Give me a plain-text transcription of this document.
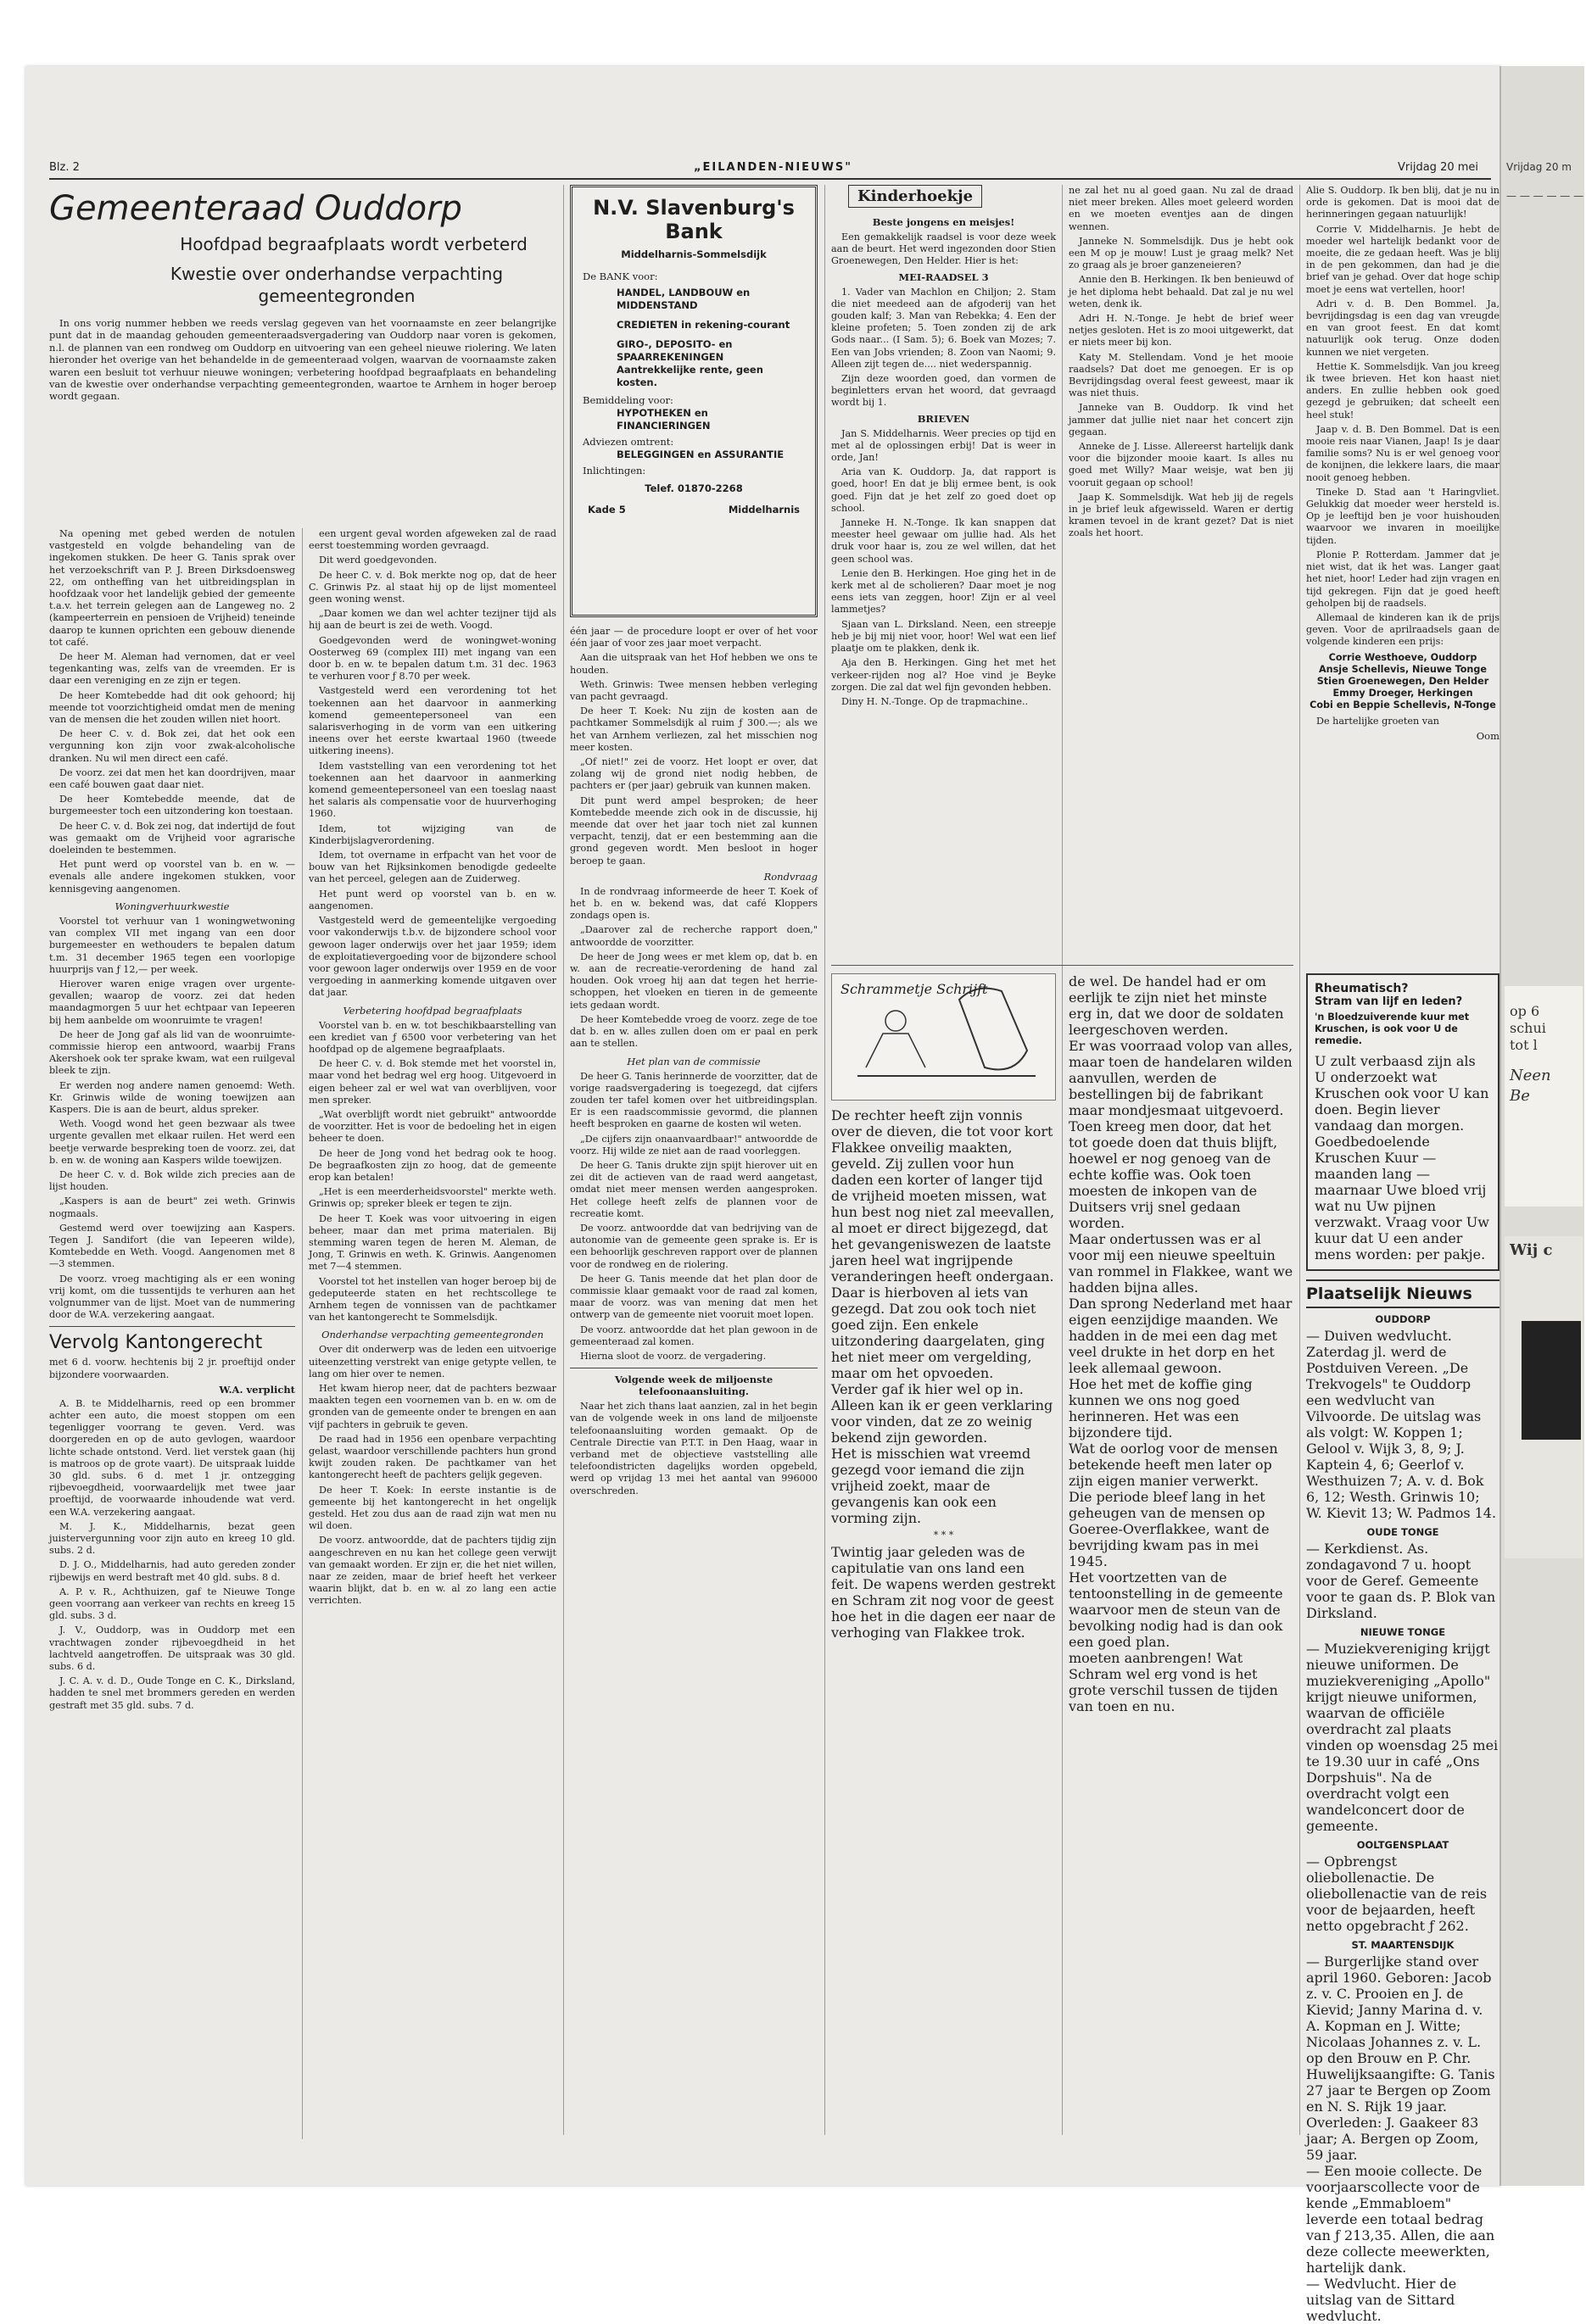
Vrijdag 20 m
— — — — — —
op 6
schui
tot l
Neen
Be
Wij c
Blz. 2	„EILANDEN-NIEUWS"	Vrijdag 20 mei
Gemeenteraad Ouddorp
Hoofdpad begraafplaats wordt verbeterd
Kwestie over onderhandse verpachting gemeentegronden

In ons vorig nummer hebben we reeds verslag gegeven van het voornaamste en zeer belangrijke punt dat in de maandag gehouden gemeenteraadsvergadering van Ouddorp naar voren is gekomen, n.l. de plannen van een rondweg om Ouddorp en uitvoering van een geheel nieuwe riolering. We laten hieronder het overige van het behandelde in de gemeenteraad volgen, waarvan de voornaamste zaken waren een besluit tot verhuur nieuwe woningen; verbetering hoofdpad begraafplaats en behandeling van de kwestie over onderhandse verpachting gemeentegronden, waartoe te Arnhem in hoger beroep wordt gegaan.

Na opening met gebed werden de notulen vastgesteld en volgde behandeling van de ingekomen stukken. De heer G. Tanis sprak over het verzoekschrift van P. J. Breen Dirksdoensweg 22, om ontheffing van het uitbreidingsplan in hoofdzaak voor het landelijk gebied der gemeente t.a.v. het terrein gelegen aan de Langeweg no. 2 (kampeerterrein en pensioen de Vrijheid) teneinde daarop te kunnen oprichten een gebouw dienende tot café.

De heer M. Aleman had vernomen, dat er veel tegenkanting was, zelfs van de vreemden. Er is daar een vereniging en ze zijn er tegen.

De heer Komtebedde had dit ook gehoord; hij meende tot voorzichtigheid omdat men de mening van de mensen die het zouden willen niet hoort.

De heer C. v. d. Bok zei, dat het ook een vergunning kon zijn voor zwak-alcoholische dranken. Nu wil men direct een café.

De voorz. zei dat men het kan doordrijven, maar een café bouwen gaat daar niet.

De heer Komtebedde meende, dat de burgemeester toch een uitzondering kon toestaan.

De heer C. v. d. Bok zei nog, dat indertijd de fout was gemaakt om de Vrijheid voor agrarische doeleinden te bestemmen.

Het punt werd op voorstel van b. en w. — evenals alle andere ingekomen stukken, voor kennisgeving aangenomen.

Woningverhuurkwestie

Voorstel tot verhuur van 1 woningwetwoning van complex VII met ingang van een door burgemeester en wethouders te bepalen datum t.m. 31 december 1965 tegen een voorlopige huurprijs van ƒ 12,— per week.

Hierover waren enige vragen over urgente-gevallen; waarop de voorz. zei dat heden maandagmorgen 5 uur het echtpaar van Iepeeren bij hem aanbelde om woonruimte te vragen!

De heer de Jong gaf als lid van de woonruimte-commissie hierop een antwoord, waarbij Frans Akershoek ook ter sprake kwam, wat een ruilgeval bleek te zijn.

Er werden nog andere namen genoemd: Weth. Kr. Grinwis wilde de woning toewijzen aan Kaspers. Die is aan de beurt, aldus spreker.

Weth. Voogd wond het geen bezwaar als twee urgente gevallen met elkaar ruilen. Het werd een beetje verwarde bespreking toen de voorz. zei, dat b. en w. de woning aan Kaspers wilde toewijzen.

De heer C. v. d. Bok wilde zich precies aan de lijst houden.

„Kaspers is aan de beurt" zei weth. Grinwis nogmaals.

Gestemd werd over toewijzing aan Kaspers. Tegen J. Sandifort (die van Iepeeren wilde), Komtebedde en Weth. Voogd. Aangenomen met 8—3 stemmen.

De voorz. vroeg machtiging als er een woning vrij komt, om die tussentijds te verhuren aan het volgnummer van de lijst. Moet van de nummering door de W.A. verzekering aangaat.

Vervolg Kantongerecht

met 6 d. voorw. hechtenis bij 2 jr. proeftijd onder bijzondere voorwaarden.

W.A. verplicht

A. B. te Middelharnis, reed op een brommer achter een auto, die moest stoppen om een tegenligger voorrang te geven. Verd. was doorgereden en op de auto gevlogen, waardoor lichte schade ontstond. Verd. liet verstek gaan (hij is matroos op de grote vaart). De uitspraak luidde 30 gld. subs. 6 d. met 1 jr. ontzegging rijbevoegdheid, voorwaardelijk met twee jaar proeftijd, de voorwaarde inhoudende wat verd. een W.A. verzekering aangaat.

M. J. K., Middelharnis, bezat geen juistervergunning voor zijn auto en kreeg 10 gld. subs. 2 d.

D. J. O., Middelharnis, had auto gereden zonder rijbewijs en werd bestraft met 40 gld. subs. 8 d.

A. P. v. R., Achthuizen, gaf te Nieuwe Tonge geen voorrang aan verkeer van rechts en kreeg 15 gld. subs. 3 d.

J. V., Ouddorp, was in Ouddorp met een vrachtwagen zonder rijbevoegdheid in het lachtveld aangetroffen. De uitspraak was 30 gld. subs. 6 d.

J. C. A. v. d. D., Oude Tonge en C. K., Dirksland, hadden te snel met brommers gereden en werden gestraft met 35 gld. subs. 7 d.

een urgent geval worden afgeweken zal de raad eerst toestemming worden gevraagd.

Dit werd goedgevonden.

De heer C. v. d. Bok merkte nog op, dat de heer C. Grinwis Pz. al staat hij op de lijst momenteel geen woning wenst.

„Daar komen we dan wel achter tezijner tijd als hij aan de beurt is zei de weth. Voogd.

Goedgevonden werd de woningwet-woning Oosterweg 69 (complex III) met ingang van een door b. en w. te bepalen datum t.m. 31 dec. 1963 te verhuren voor ƒ 8.70 per week.

Vastgesteld werd een verordening tot het toekennen aan het daarvoor in aanmerking komend gemeentepersoneel van een salarisverhoging in de vorm van een uitkering ineens over het eerste kwartaal 1960 (tweede uitkering ineens).

Idem vaststelling van een verordening tot het toekennen aan het daarvoor in aanmerking komend gemeentepersoneel van een toeslag naast het salaris als compensatie voor de huurverhoging 1960.

Idem, tot wijziging van de Kinderbijslagverordening.

Idem, tot overname in erfpacht van het voor de bouw van het Rijksinkomen benodigde gedeelte van het perceel, gelegen aan de Zuiderweg.

Het punt werd op voorstel van b. en w. aangenomen.

Vastgesteld werd de gemeentelijke vergoeding voor vakonderwijs t.b.v. de bijzondere school voor gewoon lager onderwijs over het jaar 1959; idem de exploitatievergoeding voor de bijzondere school voor gewoon lager onderwijs over 1959 en de voor vergoeding in aanmerking komende uitgaven over dat jaar.

Verbetering hoofdpad begraafplaats

Voorstel van b. en w. tot beschikbaarstelling van een krediet van ƒ 6500 voor verbetering van het hoofdpad op de algemene begraafplaats.

De heer C. v. d. Bok stemde met het voorstel in, maar vond het bedrag wel erg hoog. Uitgevoerd in eigen beheer zal er wel wat van overblijven, voor men spreker.

„Wat overblijft wordt niet gebruikt" antwoordde de voorzitter. Het is voor de bedoeling het in eigen beheer te doen.

De heer de Jong vond het bedrag ook te hoog. De begraafkosten zijn zo hoog, dat de gemeente erop kan betalen!

„Het is een meerderheidsvoorstel" merkte weth. Grinwis op; spreker bleek er tegen te zijn.

De heer T. Koek was voor uitvoering in eigen beheer, maar dan met prima materialen. Bij stemming waren tegen de heren M. Aleman, de Jong, T. Grinwis en weth. K. Grinwis. Aangenomen met 7—4 stemmen.

Voorstel tot het instellen van hoger beroep bij de gedeputeerde staten en het rechtscollege te Arnhem tegen de vonnissen van de pachtkamer van het kantongerecht te Sommelsdijk.

Onderhandse verpachting gemeentegronden

Over dit onderwerp was de leden een uitvoerige uiteenzetting verstrekt van enige getypte vellen, te lang om hier over te nemen.

Het kwam hierop neer, dat de pachters bezwaar maakten tegen een voornemen van b. en w. om de gronden van de gemeente onder te brengen en aan vijf pachters in gebruik te geven.

De raad had in 1956 een openbare verpachting gelast, waardoor verschillende pachters hun grond kwijt zouden raken. De pachtkamer van het kantongerecht heeft de pachters gelijk gegeven.

De heer T. Koek: In eerste instantie is de gemeente bij het kantongerecht in het ongelijk gesteld. Het zou dus aan de raad zijn wat men nu wil doen.

De voorz. antwoordde, dat de pachters tijdig zijn aangeschreven en nu kan het college geen verwijt van gemaakt worden. Er zijn er, die het niet willen, naar ze zeiden, maar de brief heeft het verkeer waarin blijkt, dat b. en w. al zo lang een actie verrichten.

N.V. Slavenburg's Bank
Middelharnis-Sommelsdijk
De BANK voor:
HANDEL, LANDBOUW en MIDDENSTAND
CREDIETEN in rekening-courant
GIRO-, DEPOSITO- en SPAARREKENINGEN
Aantrekkelijke rente, geen kosten.
Bemiddeling voor:
HYPOTHEKEN en FINANCIERINGEN
Adviezen omtrent:
BELEGGINGEN en ASSURANTIE
Inlichtingen:
Telef. 01870-2268
Kade 5	Middelharnis

één jaar — de procedure loopt er over of het voor één jaar of voor zes jaar moet verpacht.

Aan die uitspraak van het Hof hebben we ons te houden.

Weth. Grinwis: Twee mensen hebben verleging van pacht gevraagd.

De heer T. Koek: Nu zijn de kosten aan de pachtkamer Sommelsdijk al ruim ƒ 300.—; als we het van Arnhem verliezen, zal het misschien nog meer kosten.

„Of niet!" zei de voorz. Het loopt er over, dat zolang wij de grond niet nodig hebben, de pachters er (per jaar) gebruik van kunnen maken.

Dit punt werd ampel besproken; de heer Komtebedde meende zich ook in de discussie, hij meende dat over het jaar toch niet zal kunnen verpacht, tenzij, dat er een bestemming aan die grond gegeven wordt. Men besloot in hoger beroep te gaan.

Rondvraag

In de rondvraag informeerde de heer T. Koek of het b. en w. bekend was, dat café Kloppers zondags open is.

„Daarover zal de recherche rapport doen," antwoordde de voorzitter.

De heer de Jong wees er met klem op, dat b. en w. aan de recreatie-verordening de hand zal houden. Ook vroeg hij aan dat tegen het herrie-schoppen, het vloeken en tieren in de gemeente iets gedaan wordt.

De heer Komtebedde vroeg de voorz. zege de toe dat b. en w. alles zullen doen om er paal en perk aan te stellen.

Het plan van de commissie

De heer G. Tanis herinnerde de voorzitter, dat de vorige raadsvergadering is toegezegd, dat cijfers zouden ter tafel komen over het uitbreidingsplan. Er is een raadscommissie gevormd, die plannen heeft besproken en gaarne de kosten wil weten.

„De cijfers zijn onaanvaardbaar!" antwoordde de voorz. Hij wilde ze niet aan de raad voorleggen.

De heer G. Tanis drukte zijn spijt hierover uit en zei dit de actieven van de raad werd aangetast, omdat niet meer mensen werden aangesproken. Het college heeft zelfs de plannen voor de recreatie komt.

De voorz. antwoordde dat van bedrijving van de autonomie van de gemeente geen sprake is. Er is een behoorlijk geschreven rapport over de plannen voor de rondweg en de riolering.

De heer G. Tanis meende dat het plan door de commissie klaar gemaakt voor de raad zal komen, maar de voorz. was van mening dat men het ontwerp van de gemeente niet vooruit moet lopen.

De voorz. antwoordde dat het plan gewoon in de gemeenteraad zal komen.

Hierna sloot de voorz. de vergadering.

Volgende week de miljoenste telefoonaansluiting.

Naar het zich thans laat aanzien, zal in het begin van de volgende week in ons land de miljoenste telefoonaansluiting worden gemaakt. Op de Centrale Directie van P.T.T. in Den Haag, waar in verband met de objectieve vaststelling alle telefoondistricten dagelijks worden opgebeld, werd op vrijdag 13 mei het aantal van 996000 overschreden.

Kinderhoekje
Beste jongens en meisjes!

Een gemakkelijk raadsel is voor deze week aan de beurt. Het werd ingezonden door Stien Groenewegen, Den Helder. Hier is het:

MEI-RAADSEL 3

1. Vader van Machlon en Chiljon; 2. Stam die niet meedeed aan de afgoderij van het gouden kalf; 3. Man van Rebekka; 4. Een der kleine profeten; 5. Toen zonden zij de ark Gods naar... (I Sam. 5); 6. Boek van Mozes; 7. Een van Jobs vrienden; 8. Zoon van Naomi; 9. Alleen zijt tegen de.... niet wederspannig.

Zijn deze woorden goed, dan vormen de beginletters ervan het woord, dat gevraagd wordt bij 1.

BRIEVEN

Jan S. Middelharnis. Weer precies op tijd en met al de oplossingen erbij! Dat is weer in orde, Jan!

Aria van K. Ouddorp. Ja, dat rapport is goed, hoor! En dat je blij ermee bent, is ook goed. Fijn dat je het zelf zo goed doet op school.

Janneke H. N.-Tonge. Ik kan snappen dat meester heel gewaar om jullie had. Als het druk voor haar is, zou ze wel willen, dat het geen school was.

Lenie den B. Herkingen. Hoe ging het in de kerk met al de scholieren? Daar moet je nog eens iets van zeggen, hoor! Zijn er al veel lammetjes?

Sjaan van L. Dirksland. Neen, een streepje heb je bij mij niet voor, hoor! Wel wat een lief plaatje om te plakken, denk ik.

Aja den B. Herkingen. Ging het met het verkeer-rijden nog al? Hoe vind je Beyke zorgen. Die zal dat wel fijn gevonden hebben.

Diny H. N.-Tonge. Op de trapmachine..

ne zal het nu al goed gaan. Nu zal de draad niet meer breken. Alles moet geleerd worden en we moeten eventjes aan de dingen wennen.

Janneke N. Sommelsdijk. Dus je hebt ook een M op je mouw! Lust je graag melk? Net zo graag als je broer ganzeneieren?

Annie den B. Herkingen. Ik ben benieuwd of je het diploma hebt behaald. Dat zal je nu wel weten, denk ik.

Adri H. N.-Tonge. Je hebt de brief weer netjes gesloten. Het is zo mooi uitgewerkt, dat er niets meer bij kon.

Katy M. Stellendam. Vond je het mooie raadsels? Dat doet me genoegen. Er is op Bevrijdingsdag overal feest geweest, maar ik was niet thuis.

Janneke van B. Ouddorp. Ik vind het jammer dat jullie niet naar het concert zijn gegaan.

Anneke de J. Lisse. Allereerst hartelijk dank voor die bijzonder mooie kaart. Is alles nu goed met Willy? Maar weisje, wat ben jij vooruit gegaan op school!

Jaap K. Sommelsdijk. Wat heb jij de regels in je brief leuk afgewisseld. Waren er dertig kramen tevoel in de krant gezet? Dat is niet zoals het hoort.

Alie S. Ouddorp. Ik ben blij, dat je nu in orde is gekomen. Dat is mooi dat de herinneringen gegaan natuurlijk!

Corrie V. Middelharnis. Je hebt de moeder wel hartelijk bedankt voor de moeite, die ze gedaan heeft. Was je blij in de pen gekommen, dan had je die brief van je gehad. Over dat hoge schip moet je eens wat vertellen, hoor!

Adri v. d. B. Den Bommel. Ja, bevrijdingsdag is een dag van vreugde en van groot feest. En dat komt natuurlijk ook terug. Onze doden kunnen we niet vergeten.

Hettie K. Sommelsdijk. Van jou kreeg ik twee brieven. Het kon haast niet anders. En zullie hebben ook goed gezegd je gebruiken; dat scheelt een heel stuk!

Jaap v. d. B. Den Bommel. Dat is een mooie reis naar Vianen, Jaap! Is je daar familie soms? Nu is er wel genoeg voor de konijnen, die lekkere laars, die maar nooit genoeg hebben.

Tineke D. Stad aan 't Haringvliet. Gelukkig dat moeder weer hersteld is. Op je leeftijd ben je voor huishouden waarvoor we invaren in moeilijke tijden.

Plonie P. Rotterdam. Jammer dat je niet wist, dat ik het was. Langer gaat het niet, hoor! Leder had zijn vragen en tijd gekregen. Fijn dat je goed heeft geholpen bij de raadsels.

Allemaal de kinderen kan ik de prijs geven. Voor de aprilraadsels gaan de volgende kinderen een prijs:

Corrie Westhoeve, Ouddorp
Ansje Schellevis, Nieuwe Tonge
Stien Groenewegen, Den Helder
Emmy Droeger, Herkingen
Cobi en Beppie Schellevis, N-Tonge

De hartelijke groeten van

Oom
Schrammetje Schrijft

De rechter heeft zijn vonnis over de dieven, die tot voor kort Flakkee onveilig maakten, geveld. Zij zullen voor hun daden een korter of langer tijd de vrijheid moeten missen, wat hun best nog niet zal meevallen, al moet er direct bijgezegd, dat het gevangeniswezen de laatste jaren heel wat ingrijpende veranderingen heeft ondergaan.

Daar is hierboven al iets van gezegd. Dat zou ook toch niet goed zijn. Een enkele uitzondering daargelaten, ging het niet meer om vergelding, maar om het opvoeden.

Verder gaf ik hier wel op in. Alleen kan ik er geen verklaring voor vinden, dat ze zo weinig bekend zijn geworden.

Het is misschien wat vreemd gezegd voor iemand die zijn vrijheid zoekt, maar de gevangenis kan ook een vorming zijn.

* * *

Twintig jaar geleden was de capitulatie van ons land een feit. De wapens werden gestrekt en Schram zit nog voor de geest hoe het in die dagen eer naar de verhoging van Flakkee trok.

de wel. De handel had er om eerlijk te zijn niet het minste erg in, dat we door de soldaten leergeschoven werden.

Er was voorraad volop van alles, maar toen de handelaren wilden aanvullen, werden de bestellingen bij de fabrikant maar mondjesmaat uitgevoerd.

Toen kreeg men door, dat het tot goede doen dat thuis blijft, hoewel er nog genoeg van de echte koffie was. Ook toen moesten de inkopen van de Duitsers vrij snel gedaan worden.

Maar ondertussen was er al voor mij een nieuwe speeltuin van rommel in Flakkee, want we hadden bijna alles.

Dan sprong Nederland met haar eigen eenzijdige maanden. We hadden in de mei een dag met veel drukte in het dorp en het leek allemaal gewoon.

Hoe het met de koffie ging kunnen we ons nog goed herinneren. Het was een bijzondere tijd.

Wat de oorlog voor de mensen betekende heeft men later op zijn eigen manier verwerkt.

Die periode bleef lang in het geheugen van de mensen op Goeree-Overflakkee, want de bevrijding kwam pas in mei 1945.

Het voortzetten van de tentoonstelling in de gemeente waarvoor men de steun van de bevolking nodig had is dan ook een goed plan.

moeten aanbrengen! Wat Schram wel erg vond is het grote verschil tussen de tijden van toen en nu.

Rheumatisch?
Stram van lijf en leden?
'n Bloedzuiverende kuur met Kruschen, is ook voor U de remedie.

U zult verbaasd zijn als U onderzoekt wat Kruschen ook voor U kan doen. Begin liever vandaag dan morgen. Goedbedoelende Kruschen Kuur — maanden lang — maarnaar Uwe bloed vrij wat nu Uw pijnen verzwakt. Vraag voor Uw kuur dat U een ander mens worden: per pakje.

Plaatselijk Nieuws
OUDDORP

— Duiven wedvlucht. Zaterdag jl. werd de Postduiven Vereen. „De Trekvogels" te Ouddorp een wedvlucht van Vilvoorde. De uitslag was als volgt: W. Koppen 1; Gelool v. Wijk 3, 8, 9; J. Kaptein 4, 6; Geerlof v. Westhuizen 7; A. v. d. Bok 6, 12; Westh. Grinwis 10; W. Kievit 13; W. Padmos 14.

OUDE TONGE

— Kerkdienst. As. zondagavond 7 u. hoopt voor de Geref. Gemeente voor te gaan ds. P. Blok van Dirksland.

NIEUWE TONGE

— Muziekvereniging krijgt nieuwe uniformen. De muziekvereniging „Apollo" krijgt nieuwe uniformen, waarvan de officiële overdracht zal plaats vinden op woensdag 25 mei te 19.30 uur in café „Ons Dorpshuis". Na de overdracht volgt een wandelconcert door de gemeente.

OOLTGENSPLAAT

— Opbrengst oliebollenactie. De oliebollenactie van de reis voor de bejaarden, heeft netto opgebracht ƒ 262.

ST. MAARTENSDIJK

— Burgerlijke stand over april 1960. Geboren: Jacob z. v. C. Prooien en J. de Kievid; Janny Marina d. v. A. Kopman en J. Witte; Nicolaas Johannes z. v. L. op den Brouw en P. Chr.

Huwelijksaangifte: G. Tanis 27 jaar te Bergen op Zoom en N. S. Rijk 19 jaar.

Overleden: J. Gaakeer 83 jaar; A. Bergen op Zoom, 59 jaar.

— Een mooie collecte. De voorjaarscollecte voor de kende „Emmabloem" leverde een totaal bedrag van ƒ 213,35. Allen, die aan deze collecte meewerkten, hartelijk dank.

— Wedvlucht. Hier de uitslag van de Sittard wedvlucht.
